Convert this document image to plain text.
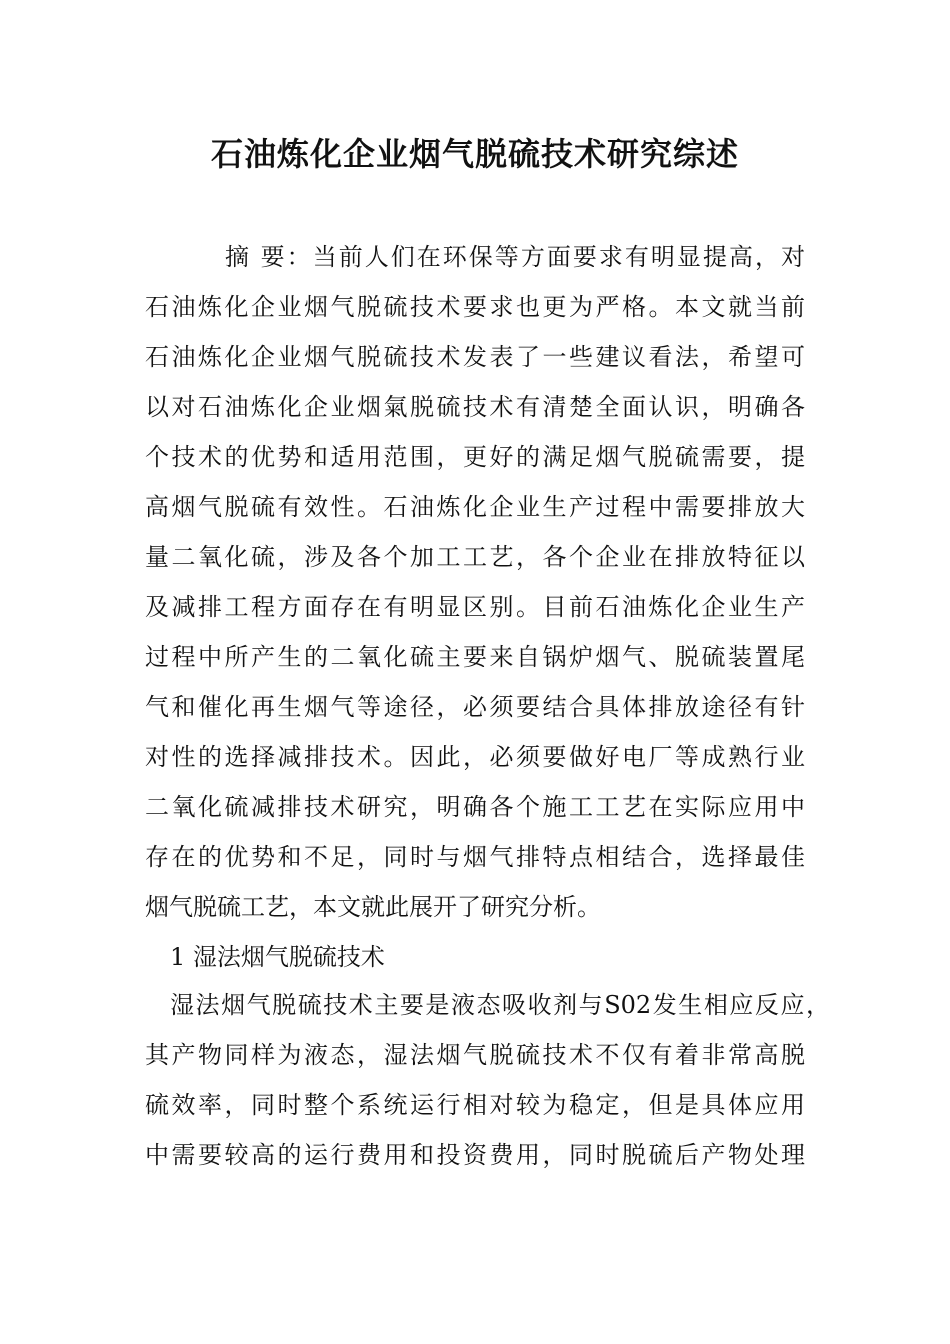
石油炼化企业烟气脱硫技术研究综述
摘 要：当前人们在环保等方面要求有明显提高，对
石油炼化企业烟气脱硫技术要求也更为严格。本文就当前
石油炼化企业烟气脱硫技术发表了一些建议看法，希望可
以对石油炼化企业烟氣脱硫技术有清楚全面认识，明确各
个技术的优势和适用范围，更好的满足烟气脱硫需要，提
高烟气脱硫有效性。石油炼化企业生产过程中需要排放大
量二氧化硫，涉及各个加工工艺，各个企业在排放特征以
及减排工程方面存在有明显区别。目前石油炼化企业生产
过程中所产生的二氧化硫主要来自锅炉烟气、脱硫装置尾
气和催化再生烟气等途径，必须要结合具体排放途径有针
对性的选择减排技术。因此，必须要做好电厂等成熟行业
二氧化硫减排技术研究，明确各个施工工艺在实际应用中
存在的优势和不足，同时与烟气排特点相结合，选择最佳
烟气脱硫工艺，本文就此展开了研究分析。
1 湿法烟气脱硫技术
湿法烟气脱硫技术主要是液态吸收剂与S02发生相应反应，
其产物同样为液态，湿法烟气脱硫技术不仅有着非常高脱
硫效率，同时整个系统运行相对较为稳定，但是具体应用
中需要较高的运行费用和投资费用，同时脱硫后产物处理
